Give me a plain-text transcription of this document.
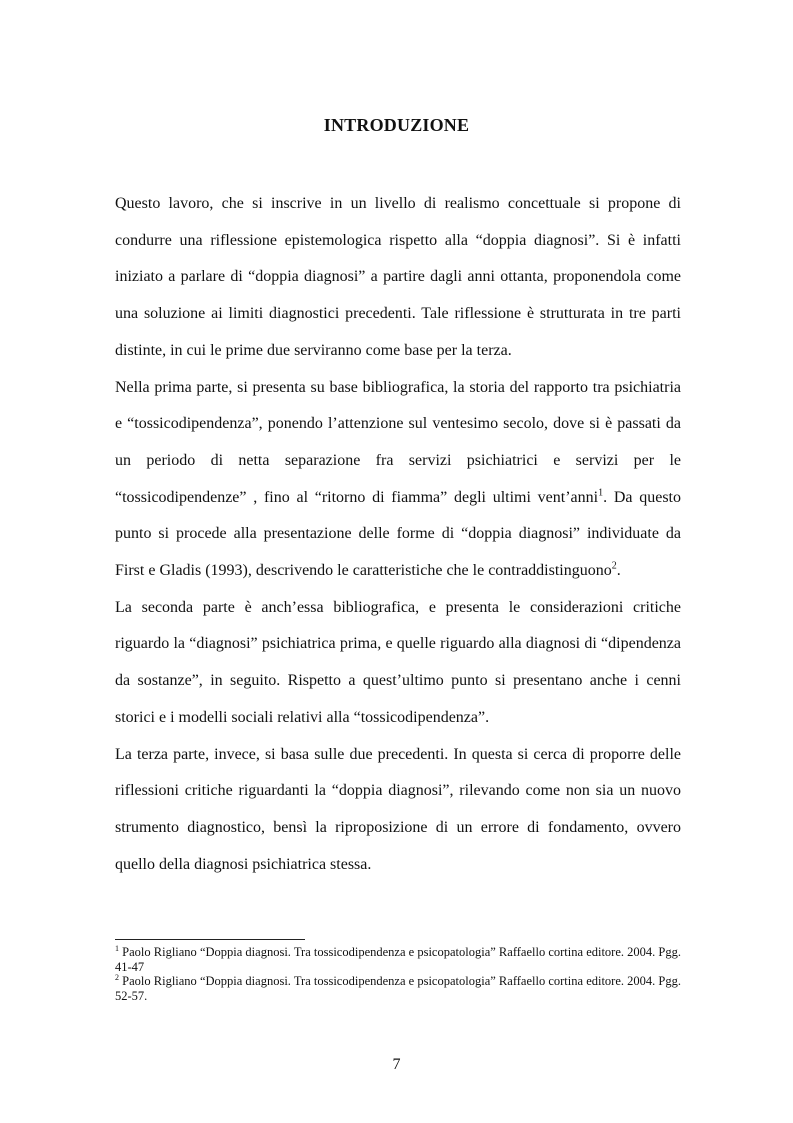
INTRODUZIONE

Questo lavoro, che si inscrive in un livello di realismo concettuale si propone di condurre una riflessione epistemologica rispetto alla “doppia diagnosi”. Si è infatti iniziato a parlare di “doppia diagnosi” a partire dagli anni ottanta, proponendola come una soluzione ai limiti diagnostici precedenti. Tale riflessione è strutturata in tre parti distinte, in cui le prime due serviranno come base per la terza.

Nella prima parte, si presenta su base bibliografica, la storia del rapporto tra psichiatria e “tossicodipendenza”, ponendo l’attenzione sul ventesimo secolo, dove si è passati da un periodo di netta separazione fra servizi psichiatrici e servizi per le “tossicodipendenze” , fino al “ritorno di fiamma” degli ultimi vent’anni$^1$. Da questo punto si procede alla presentazione delle forme di “doppia diagnosi” individuate da First e Gladis (1993), descrivendo le caratteristiche che le contraddistinguono$^2$.

La seconda parte è anch’essa bibliografica, e presenta le considerazioni critiche riguardo la “diagnosi” psichiatrica prima, e quelle riguardo alla diagnosi di “dipendenza da sostanze”, in seguito. Rispetto a quest’ultimo punto si presentano anche i cenni storici e i modelli sociali relativi alla “tossicodipendenza”.

La terza parte, invece, si basa sulle due precedenti. In questa si cerca di proporre delle riflessioni critiche riguardanti la “doppia diagnosi”, rilevando come non sia un nuovo strumento diagnostico, bensì la riproposizione di un errore di fondamento, ovvero quello della diagnosi psichiatrica stessa.

$^1$ Paolo Rigliano “Doppia diagnosi. Tra tossicodipendenza e psicopatologia” Raffaello cortina editore. 2004. Pgg. 41-47

$^2$ Paolo Rigliano “Doppia diagnosi. Tra tossicodipendenza e psicopatologia” Raffaello cortina editore. 2004. Pgg. 52-57.

7
